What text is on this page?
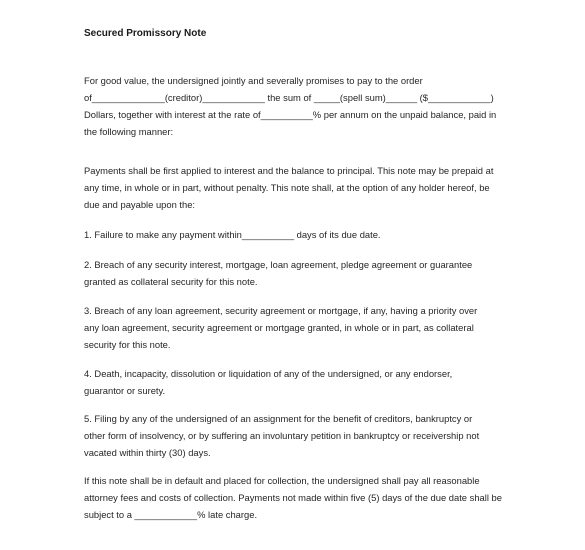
Secured Promissory Note
For good value, the undersigned jointly and severally promises to pay to the order
of______________(creditor)____________ the sum of _____(spell sum)______ ($____________)
Dollars, together with interest at the rate of__________% per annum on the unpaid balance, paid in
the following manner:
Payments shall be first applied to interest and the balance to principal. This note may be prepaid at
any time, in whole or in part, without penalty. This note shall, at the option of any holder hereof, be
due and payable upon the:
1. Failure to make any payment within__________ days of its due date.
2. Breach of any security interest, mortgage, loan agreement, pledge agreement or guarantee
granted as collateral security for this note.
3. Breach of any loan agreement, security agreement or mortgage, if any, having a priority over
any loan agreement, security agreement or mortgage granted, in whole or in part, as collateral
security for this note.
4. Death, incapacity, dissolution or liquidation of any of the undersigned, or any endorser,
guarantor or surety.
5. Filing by any of the undersigned of an assignment for the benefit of creditors, bankruptcy or
other form of insolvency, or by suffering an involuntary petition in bankruptcy or receivership not
vacated within thirty (30) days.
If this note shall be in default and placed for collection, the undersigned shall pay all reasonable
attorney fees and costs of collection. Payments not made within five (5) days of the due date shall be
subject to a ____________% late charge.
